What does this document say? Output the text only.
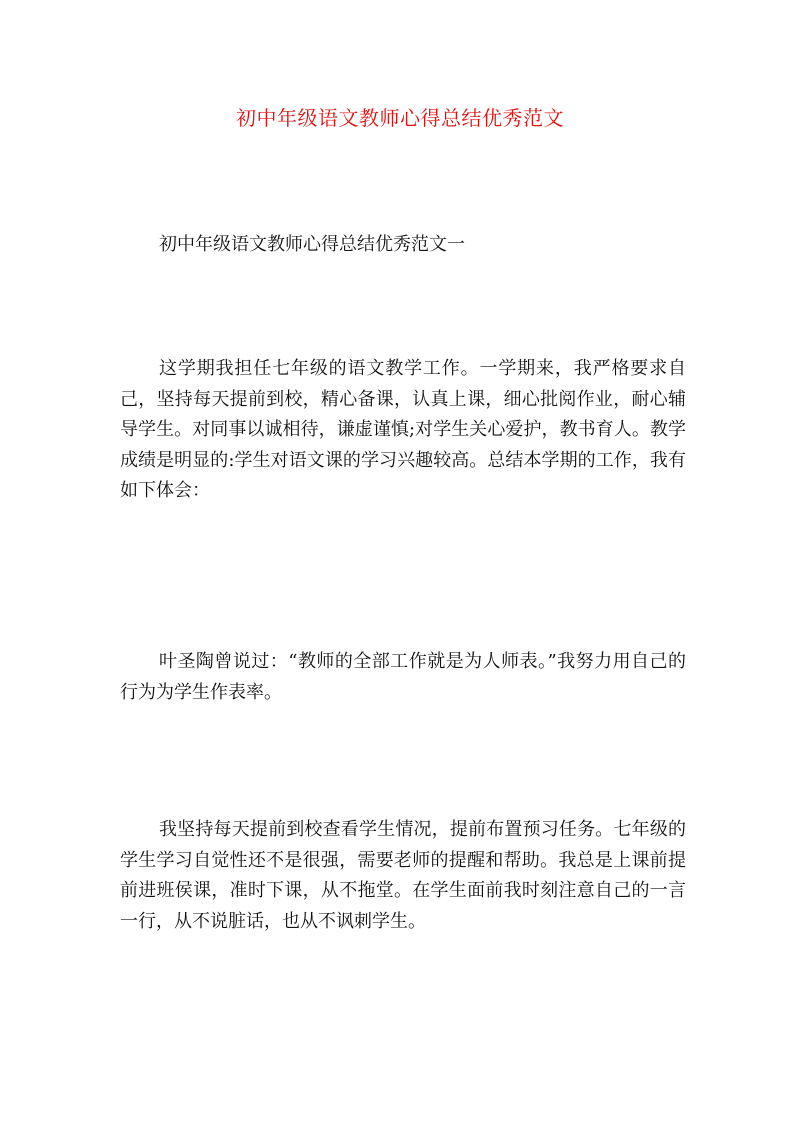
初中年级语文教师心得总结优秀范文
初中年级语文教师心得总结优秀范文一

这学期我担任七年级的语文教学工作。一学期来，我严格要求自己，坚持每天提前到校，精心备课，认真上课，细心批阅作业，耐心辅导学生。对同事以诚相待，谦虚谨慎;对学生关心爱护，教书育人。教学成绩是明显的:学生对语文课的学习兴趣较高。总结本学期的工作，我有如下体会：

叶圣陶曾说过：“教师的全部工作就是为人师表。”我努力用自己的行为为学生作表率。

我坚持每天提前到校查看学生情况，提前布置预习任务。七年级的学生学习自觉性还不是很强，需要老师的提醒和帮助。我总是上课前提前进班侯课，准时下课，从不拖堂。在学生面前我时刻注意自己的一言一行，从不说脏话，也从不讽刺学生。
